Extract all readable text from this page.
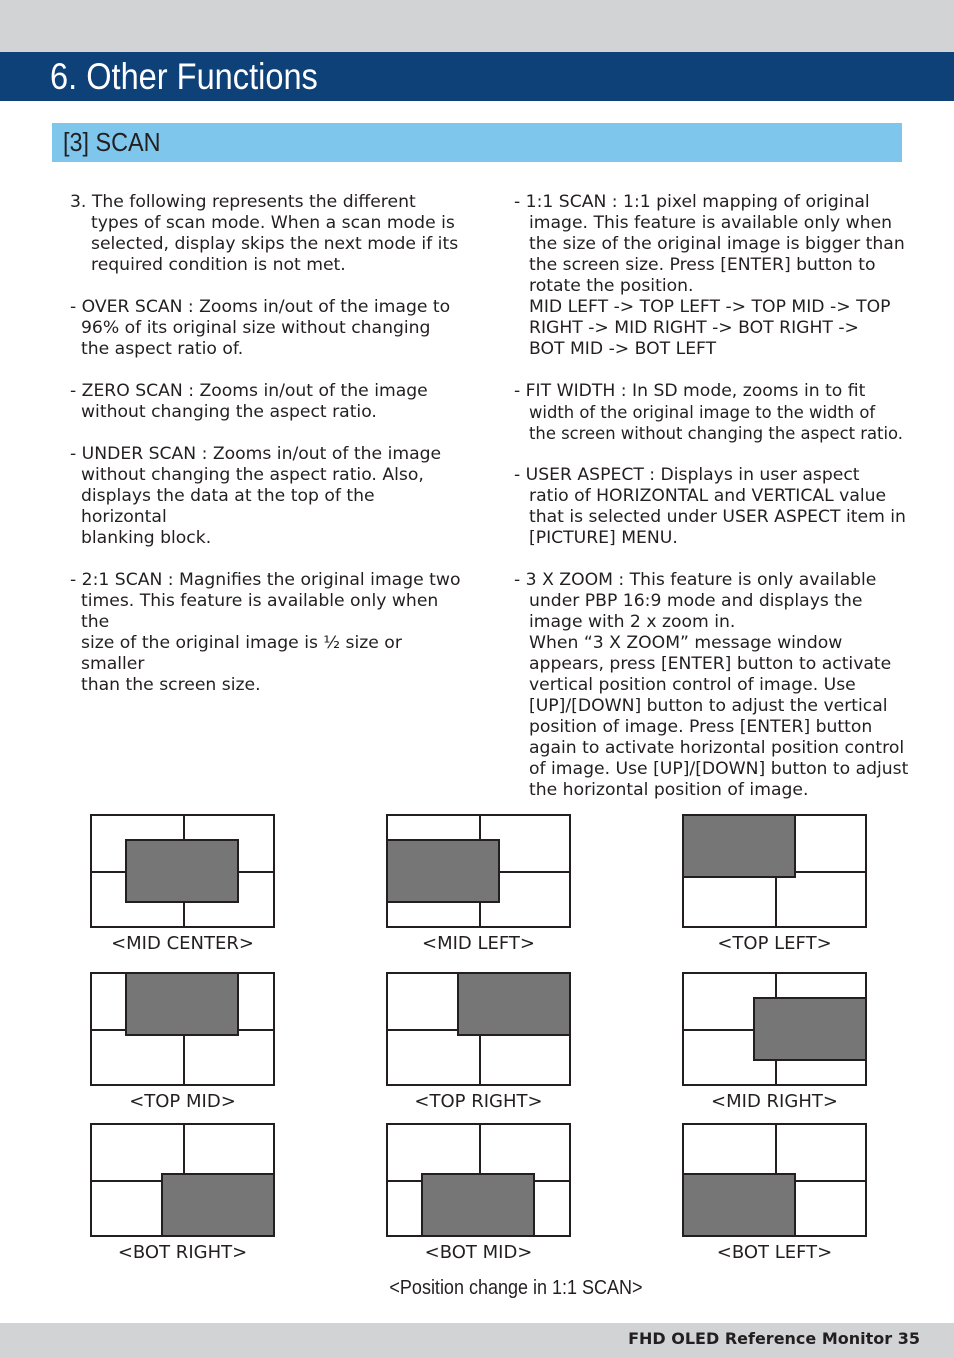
6. Other Functions
[3] SCAN

3. The following represents the different
types of scan mode. When a scan mode is
selected, display skips the next mode if its
required condition is not met.

- OVER SCAN : Zooms in/out of the image to
96% of its original size without changing
the aspect ratio of.

- ZERO SCAN : Zooms in/out of the image
without changing the aspect ratio.

- UNDER SCAN : Zooms in/out of the image
without changing the aspect ratio. Also,
displays the data at the top of the horizontal
blanking block.

- 2:1 SCAN : Magnifies the original image two
times. This feature is available only when the
size of the original image is ½ size or smaller
than the screen size.

- 1:1 SCAN : 1:1 pixel mapping of original
image. This feature is available only when
the size of the original image is bigger than
the screen size. Press [ENTER] button to
rotate the position.
MID LEFT -> TOP LEFT -> TOP MID -> TOP
RIGHT -> MID RIGHT -> BOT RIGHT ->
BOT MID -> BOT LEFT

- FIT WIDTH : In SD mode, zooms in to fit
width of the original image to the width of
the screen without changing the aspect ratio.

- USER ASPECT : Displays in user aspect
ratio of HORIZONTAL and VERTICAL value
that is selected under USER ASPECT item in
[PICTURE] MENU.

- 3 X ZOOM : This feature is only available
under PBP 16:9 mode and displays the
image with 2 x zoom in.
When “3 X ZOOM” message window
appears, press [ENTER] button to activate
vertical position control of image. Use
[UP]/[DOWN] button to adjust the vertical
position of image. Press [ENTER] button
again to activate horizontal position control
of image. Use [UP]/[DOWN] button to adjust
the horizontal position of image.

<MID CENTER>	<MID LEFT>	<TOP LEFT>
<TOP MID>	<TOP RIGHT>	<MID RIGHT>
<BOT RIGHT>	<BOT MID>	<BOT LEFT>
<Position change in 1:1 SCAN>
FHD OLED Reference Monitor 35
